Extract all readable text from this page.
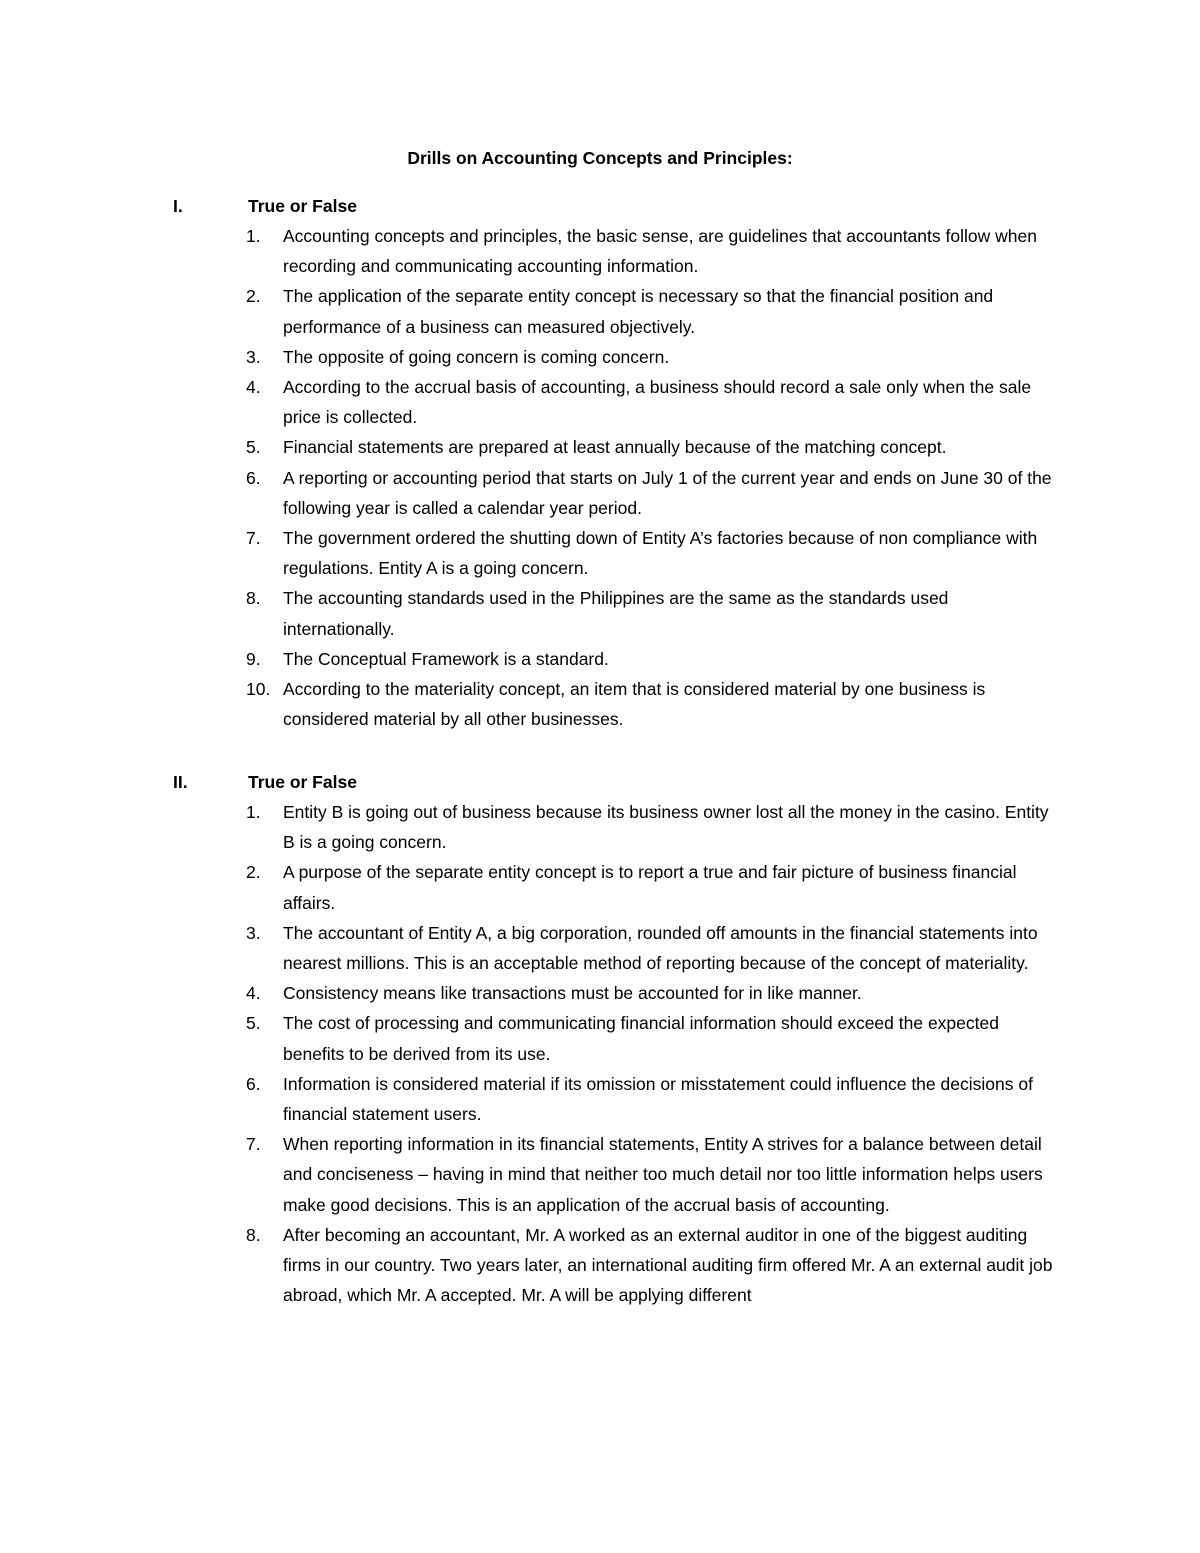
Drills on Accounting Concepts and Principles:
I.	True or False
1.	Accounting concepts and principles, the basic sense, are guidelines that accountants follow when recording and communicating accounting information.
2.	The application of the separate entity concept is necessary so that the financial position and performance of a business can measured objectively.
3.	The opposite of going concern is coming concern.
4.	According to the accrual basis of accounting, a business should record a sale only when the sale price is collected.
5.	Financial statements are prepared at least annually because of the matching concept.
6.	A reporting or accounting period that starts on July 1 of the current year and ends on June 30 of the following year is called a calendar year period.
7.	The government ordered the shutting down of Entity A’s factories because of non compliance with regulations. Entity A is a going concern.
8.	The accounting standards used in the Philippines are the same as the standards used internationally.
9.	The Conceptual Framework is a standard.
10. According to the materiality concept, an item that is considered material by one business is considered material by all other businesses.
II.	True or False
1.	Entity B is going out of business because its business owner lost all the money in the casino. Entity B is a going concern.
2.	A purpose of the separate entity concept is to report a true and fair picture of business financial affairs.
3.	The accountant of Entity A, a big corporation, rounded off amounts in the financial statements into nearest millions. This is an acceptable method of reporting because of the concept of materiality.
4.	Consistency means like transactions must be accounted for in like manner.
5.	The cost of processing and communicating financial information should exceed the expected benefits to be derived from its use.
6.	Information is considered material if its omission or misstatement could influence the decisions of financial statement users.
7.	When reporting information in its financial statements, Entity A strives for a balance between detail and conciseness – having in mind that neither too much detail nor too little information helps users make good decisions. This is an application of the accrual basis of accounting.
8.	After becoming an accountant, Mr. A worked as an external auditor in one of the biggest auditing firms in our country. Two years later, an international auditing firm offered Mr. A an external audit job abroad, which Mr. A accepted. Mr. A will be applying different
